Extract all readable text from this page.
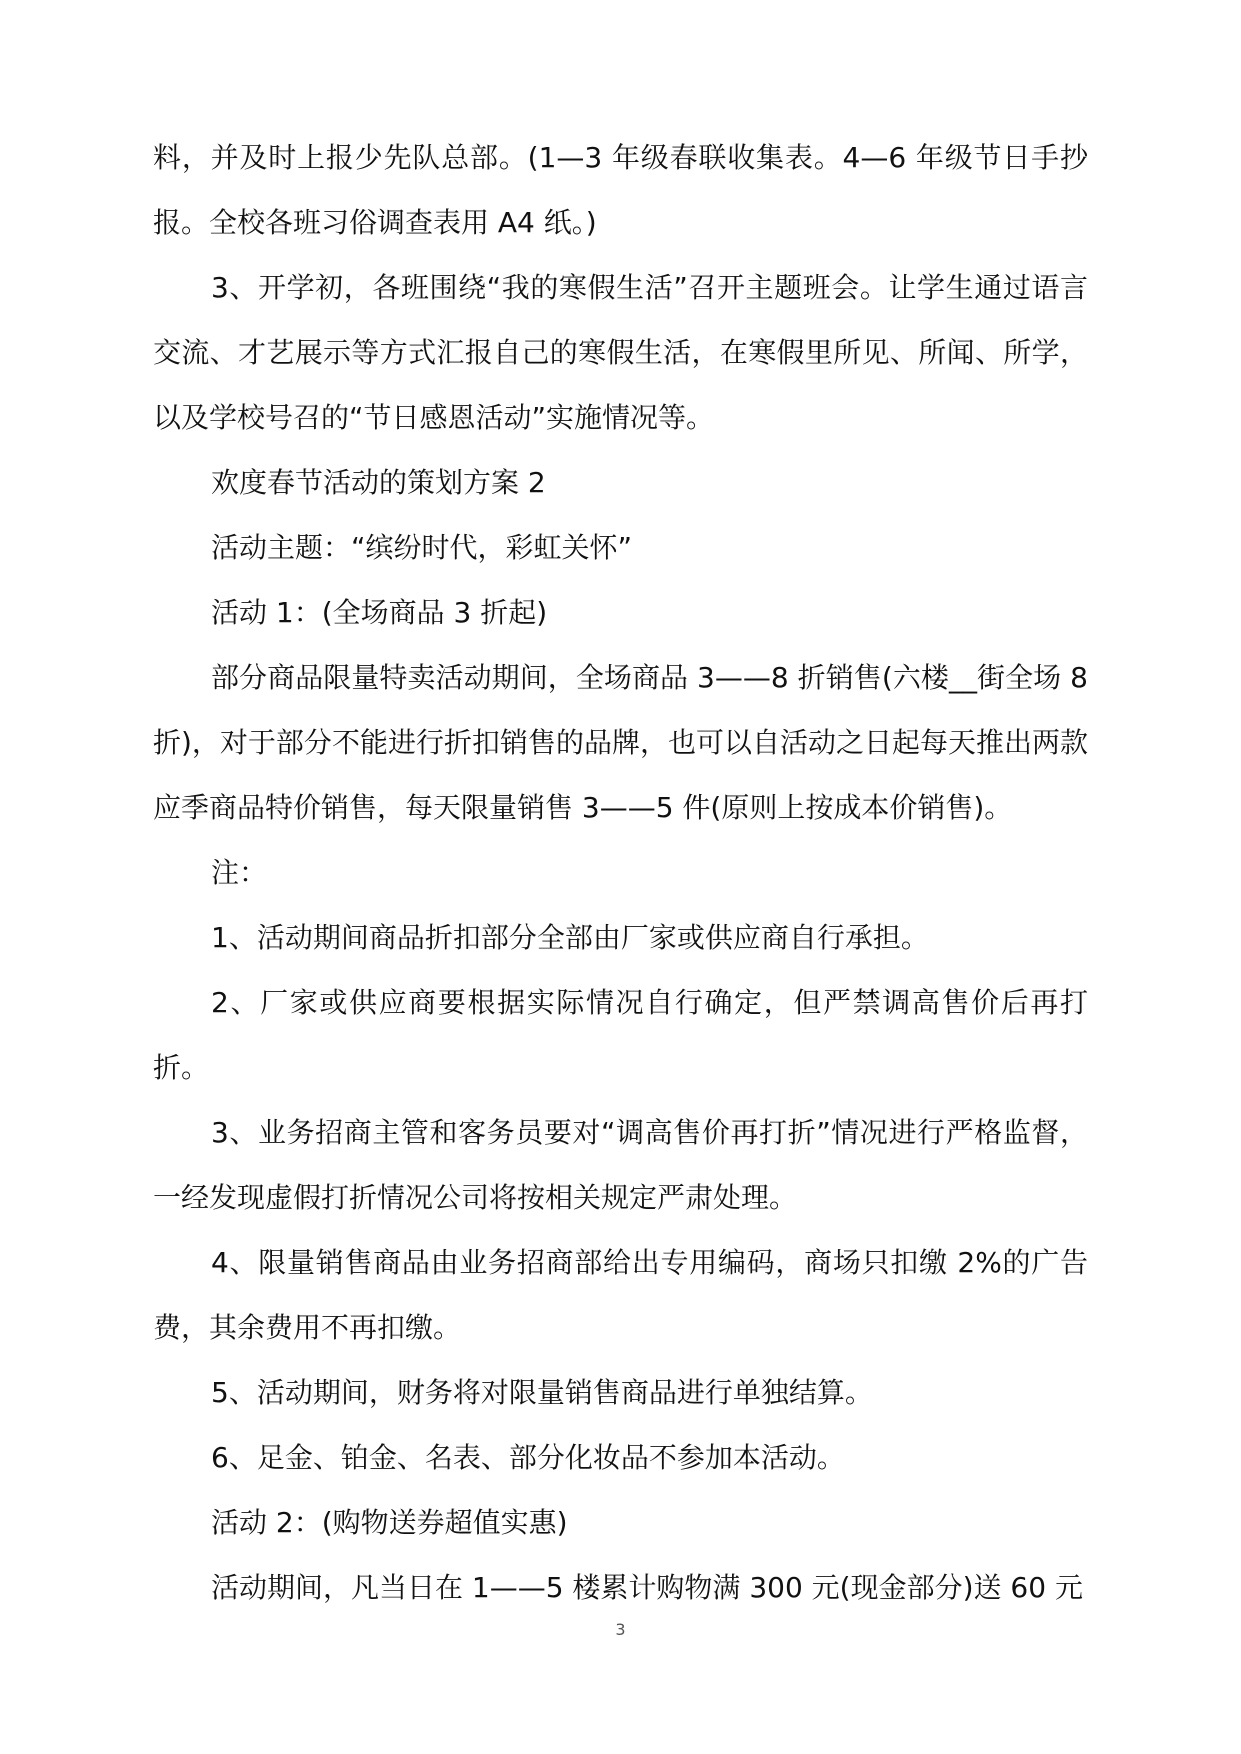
料，并及时上报少先队总部。(1—3 年级春联收集表。4—6 年级节日手抄报。全校各班习俗调查表用 A4 纸。)

3、开学初，各班围绕“我的寒假生活”召开主题班会。让学生通过语言交流、才艺展示等方式汇报自己的寒假生活，在寒假里所见、所闻、所学，以及学校号召的“节日感恩活动”实施情况等。

欢度春节活动的策划方案 2

活动主题：“缤纷时代，彩虹关怀”

活动 1：(全场商品 3 折起)

部分商品限量特卖活动期间，全场商品 3——8 折销售(六楼__街全场 8 折)，对于部分不能进行折扣销售的品牌，也可以自活动之日起每天推出两款应季商品特价销售，每天限量销售 3——5 件(原则上按成本价销售)。

注：

1、活动期间商品折扣部分全部由厂家或供应商自行承担。

2、厂家或供应商要根据实际情况自行确定，但严禁调高售价后再打折。

3、业务招商主管和客务员要对“调高售价再打折”情况进行严格监督，一经发现虚假打折情况公司将按相关规定严肃处理。

4、限量销售商品由业务招商部给出专用编码，商场只扣缴 2%的广告费，其余费用不再扣缴。

5、活动期间，财务将对限量销售商品进行单独结算。

6、足金、铂金、名表、部分化妆品不参加本活动。

活动 2：(购物送券超值实惠)

活动期间，凡当日在 1——5 楼累计购物满 300 元(现金部分)送 60 元

3
